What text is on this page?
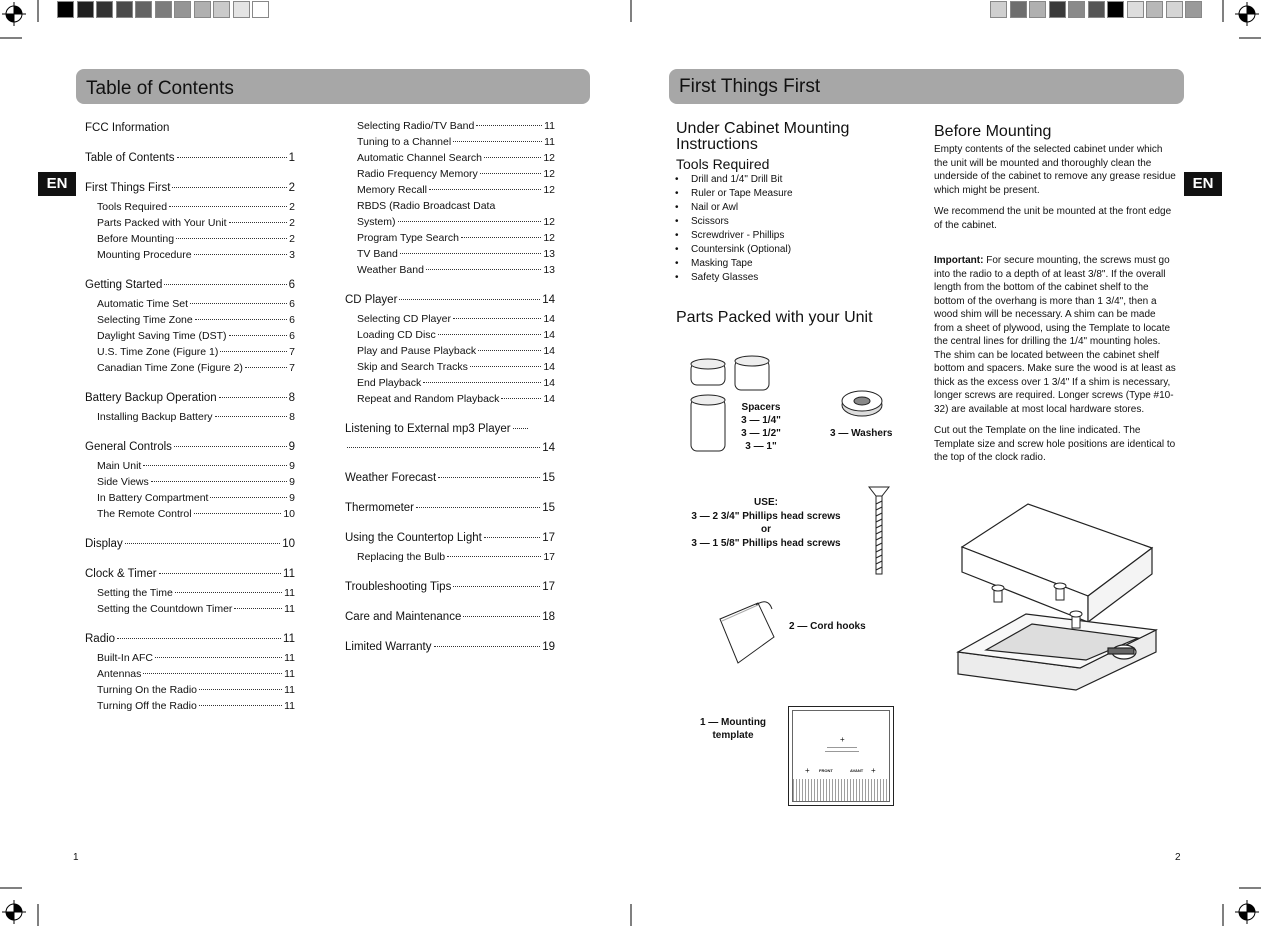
EN
Table of Contents
FCC Information
Table of Contents	1
First Things First	2
Tools Required	2
Parts Packed with Your Unit	2
Before Mounting	2
Mounting Procedure	3
Getting Started	6
Automatic Time Set	6
Selecting Time Zone	6
Daylight Saving Time (DST)	6
U.S. Time Zone (Figure 1)	7
Canadian Time Zone (Figure 2)	7
Battery Backup Operation	8
Installing Backup Battery	8
General Controls	9
Main Unit	9
Side Views	9
In Battery Compartment	9
The Remote Control	10
Display	10
Clock & Timer	11
Setting the Time	11
Setting the Countdown Timer	11
Radio	11
Built-In AFC	11
Antennas	11
Turning On the Radio	11
Turning Off the Radio	11
Selecting Radio/TV Band	11
Tuning to a Channel	11
Automatic Channel Search	12
Radio Frequency Memory	12
Memory Recall	12
RBDS (Radio Broadcast Data
System)	12
Program Type Search	12
TV Band	13
Weather Band	13
CD Player	14
Selecting CD Player	14
Loading CD Disc	14
Play and Pause Playback	14
Skip and Search Tracks	14
End Playback	14
Repeat and Random Playback	14
Listening to External mp3 Player
14
Weather Forecast	15
Thermometer	15
Using the Countertop Light	17
Replacing the Bulb	17
Troubleshooting Tips	17
Care and Maintenance	18
Limited Warranty	19
1
First Things First
EN
Under Cabinet Mounting
Instructions
Tools Required
• Drill and 1/4" Drill Bit
• Ruler or Tape Measure
• Nail or Awl
• Scissors
• Screwdriver - Phillips
• Countersink (Optional)
• Masking Tape
• Safety Glasses
Parts Packed with your Unit
Spacers
3 — 1/4"
3 — 1/2"
3 — 1"
3 — Washers
USE:
3 — 2 3/4" Phillips head screws
or
3 — 1 5/8" Phillips head screws
2 — Cord hooks
1 — Mounting
template
FRONT	AVANT
+
+	+
Before Mounting

Empty contents of the selected cabinet under which the unit will be mounted and thoroughly clean the underside of the cabinet to remove any grease residue which might be present.

We recommend the unit be mounted at the front edge of the cabinet.

Important: For secure mounting, the screws must go into the radio to a depth of at least 3/8". If the overall length from the bottom of the cabinet shelf to the bottom of the overhang is more than 1 3/4", then a wood shim will be necessary. A shim can be made from a sheet of plywood, using the Template to locate the central lines for drilling the 1/4" mounting holes. The shim can be located between the cabinet shelf bottom and spacers. Make sure the wood is at least as thick as the excess over 1 3/4" If a shim is necessary, longer screws are required. Longer screws (Type #10-32) are available at most local hardware stores.

Cut out the Template on the line indicated. The Template size and screw hole positions are identical to the top of the clock radio.

2
